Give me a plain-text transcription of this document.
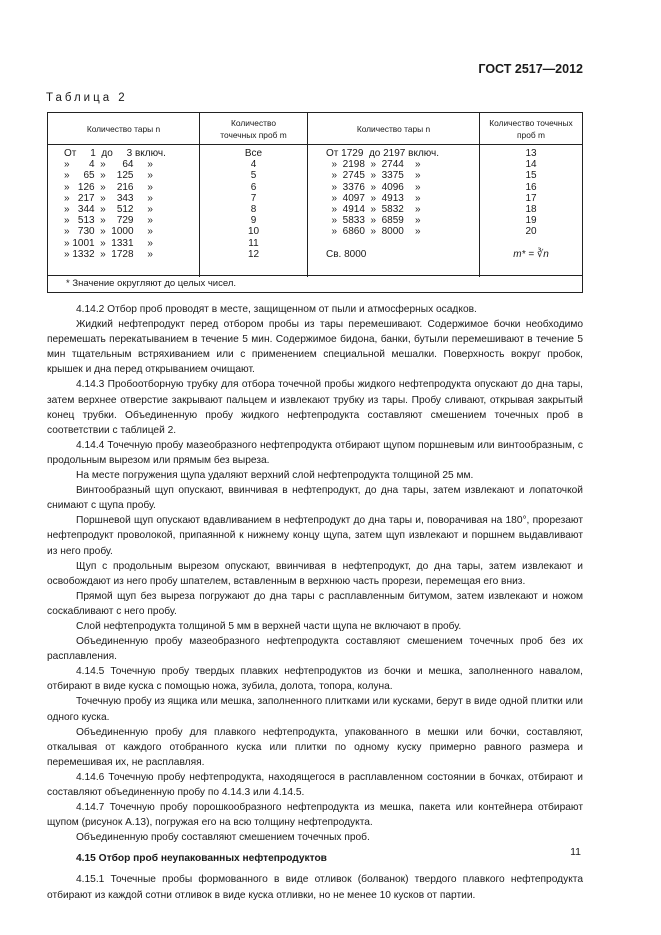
ГОСТ 2517—2012
Таблица 2
Количество тары n
Количество точечных проб m
Количество тары n
Количество точечных проб m
От     1  до     3 включ.
»       4  »      64     »
»     65  »    125     »
»   126  »    216     »
»   217  »    343     »
»   344  »    512     »
»   513  »    729     »
»   730  »  1000     »
» 1001  »  1331     »
» 1332  »  1728     »
Все
4
5
6
7
8
9
10
11
12
От 1729  до 2197 включ.
»  2198  »  2744    »
»  2745  »  3375    »
»  3376  »  4096    »
»  4097  »  4913    »
»  4914  »  5832    »
»  5833  »  6859    »
»  6860  »  8000    »
Св. 8000
13
14
15
16
17
18
19
20
m* = ∛n
* Значение округляют до целых чисел.

4.14.2 Отбор проб проводят в месте, защищенном от пыли и атмосферных осадков.

Жидкий нефтепродукт перед отбором пробы из тары перемешивают. Содержимое бочки необходимо перемешать перекатыванием в течение 5 мин. Содержимое бидона, банки, бутыли перемешивают в течение 5 мин тщательным встряхиванием или с применением специальной мешалки. Поверхность вокруг пробок, крышек и дна перед открыванием очищают.

4.14.3 Пробоотборную трубку для отбора точечной пробы жидкого нефтепродукта опускают до дна тары, затем верхнее отверстие закрывают пальцем и извлекают трубку из тары. Пробу сливают, открывая закрытый конец трубки. Объединенную пробу жидкого нефтепродукта составляют смешением точечных проб в соответствии с таблицей 2.

4.14.4 Точечную пробу мазеобразного нефтепродукта отбирают щупом поршневым или винтообразным, с продольным вырезом или прямым без выреза.

На месте погружения щупа удаляют верхний слой нефтепродукта толщиной 25 мм.

Винтообразный щуп опускают, ввинчивая в нефтепродукт, до дна тары, затем извлекают и лопаточкой снимают с щупа пробу.

Поршневой щуп опускают вдавливанием в нефтепродукт до дна тары и, поворачивая на 180°, прорезают нефтепродукт проволокой, припаянной к нижнему концу щупа, затем щуп извлекают и поршнем выдавливают из него пробу.

Щуп с продольным вырезом опускают, ввинчивая в нефтепродукт, до дна тары, затем извлекают и освобождают из него пробу шпателем, вставленным в верхнюю часть прорези, перемещая его вниз.

Прямой щуп без выреза погружают до дна тары с расплавленным битумом, затем извлекают и ножом соскабливают с него пробу.

Слой нефтепродукта толщиной 5 мм в верхней части щупа не включают в пробу.

Объединенную пробу мазеобразного нефтепродукта составляют смешением точечных проб без их расплавления.

4.14.5 Точечную пробу твердых плавких нефтепродуктов из бочки и мешка, заполненного навалом, отбирают в виде куска с помощью ножа, зубила, долота, топора, колуна.

Точечную пробу из ящика или мешка, заполненного плитками или кусками, берут в виде одной плитки или одного куска.

Объединенную пробу для плавкого нефтепродукта, упакованного в мешки или бочки, составляют, откалывая от каждого отобранного куска или плитки по одному куску примерно равного размера и перемешивая их, не расплавляя.

4.14.6 Точечную пробу нефтепродукта, находящегося в расплавленном состоянии в бочках, отбирают и составляют объединенную пробу по 4.14.3 или 4.14.5.

4.14.7 Точечную пробу порошкообразного нефтепродукта из мешка, пакета или контейнера отбирают щупом (рисунок А.13), погружая его на всю толщину нефтепродукта.

Объединенную пробу составляют смешением точечных проб.

4.15 Отбор проб неупакованных нефтепродуктов

4.15.1 Точечные пробы формованного в виде отливок (болванок) твердого плавкого нефтепродукта отбирают из каждой сотни отливок в виде куска отливки, но не менее 10 кусков от партии.

11
